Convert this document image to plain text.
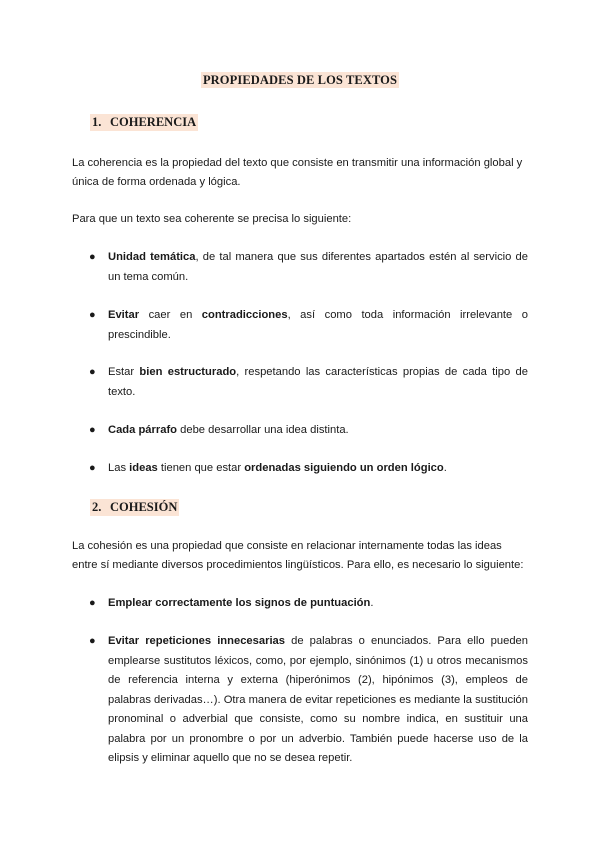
PROPIEDADES DE LOS TEXTOS
1. COHERENCIA

La coherencia es la propiedad del texto que consiste en transmitir una información global y única de forma ordenada y lógica.

Para que un texto sea coherente se precisa lo siguiente:

● Unidad temática, de tal manera que sus diferentes apartados estén al servicio de un tema común.
● Evitar caer en contradicciones, así como toda información irrelevante o prescindible.
● Estar bien estructurado, respetando las características propias de cada tipo de texto.
● Cada párrafo debe desarrollar una idea distinta.
● Las ideas tienen que estar ordenadas siguiendo un orden lógico.
2. COHESIÓN

La cohesión es una propiedad que consiste en relacionar internamente todas las ideas entre sí mediante diversos procedimientos lingüísticos. Para ello, es necesario lo siguiente:

● Emplear correctamente los signos de puntuación.
● Evitar repeticiones innecesarias de palabras o enunciados. Para ello pueden emplearse sustitutos léxicos, como, por ejemplo, sinónimos (1) u otros mecanismos de referencia interna y externa (hiperónimos (2), hipónimos (3), empleos de palabras derivadas…). Otra manera de evitar repeticiones es mediante la sustitución pronominal o adverbial que consiste, como su nombre indica, en sustituir una palabra por un pronombre o por un adverbio. También puede hacerse uso de la elipsis y eliminar aquello que no se desea repetir.
